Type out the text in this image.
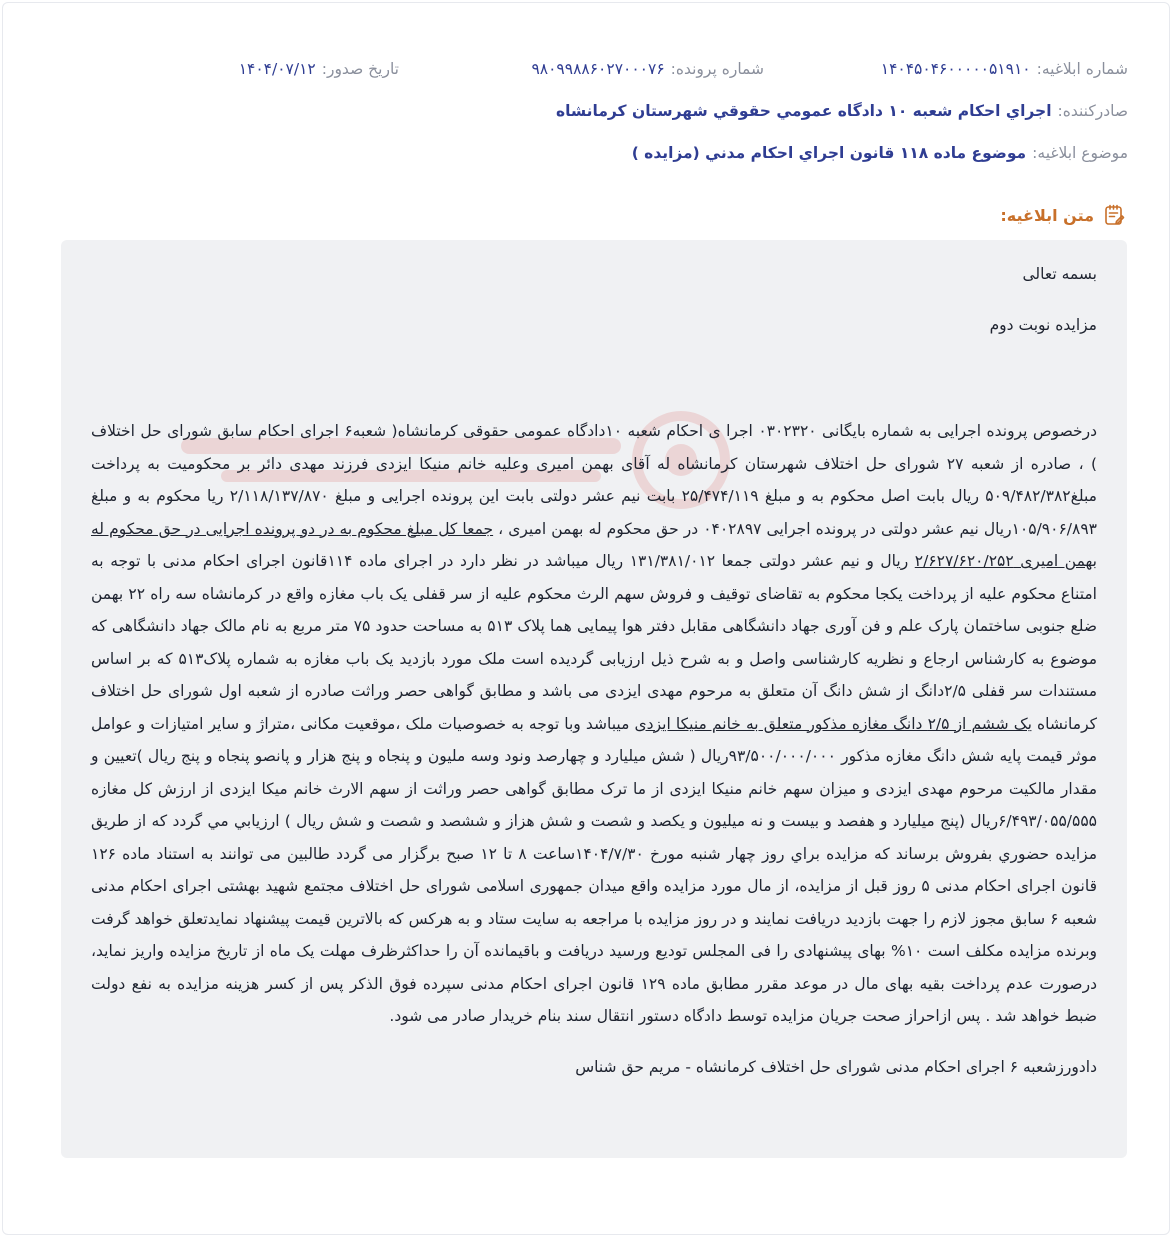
شماره ابلاغیه:
۱۴۰۴۵۰۴۶۰۰۰۰۰۵۱۹۱۰
شماره پرونده:
۹۸۰۹۹۸۸۶۰۲۷۰۰۰۷۶
تاریخ صدور:
۱۴۰۴/۰۷/۱۲
صادرکننده:
اجراي احكام شعبه ۱۰ دادگاه عمومي حقوقي شهرستان كرمانشاه
موضوع ابلاغیه:
موضوع ماده ۱۱۸ قانون اجراي احكام مدني (مزايده )
متن ابلاغیه:

بسمه تعالی

مزایده نوبت دوم

درخصوص پرونده اجرایی به شماره بایگانی ۰۳۰۲۳۲۰ اجرا ی احکام شعبه ۱۰دادگاه عمومی حقوقی کرمانشاه( شعبه۶ اجرای احکام سابق شورای حل اختلاف ) ، صادره از شعبه ۲۷ شورای حل اختلاف شهرستان کرمانشاه له آقای بهمن امیری وعلیه خانم منیکا ایزدی فرزند مهدی دائر بر محکومیت به پرداخت مبلغ۵۰۹/۴۸۲/۳۸۲ ریال بابت اصل محکوم به و مبلغ ۲۵/۴۷۴/۱۱۹ بابت نیم عشر دولتی بابت این پرونده اجرایی و مبلغ ۲/۱۱۸/۱۳۷/۸۷۰ ریا محکوم به و مبلغ ۱۰۵/۹۰۶/۸۹۳ریال نیم عشر دولتی در پرونده اجرایی ۰۴۰۲۸۹۷ در حق محکوم له بهمن امیری ، جمعا کل مبلغ محکوم به در دو پرونده اجرایی در حق محکوم له بهمن امیری ۲/۶۲۷/۶۲۰/۲۵۲ ریال و نیم عشر دولتی جمعا ۱۳۱/۳۸۱/۰۱۲ ریال میباشد در نظر دارد در اجرای ماده ۱۱۴قانون اجرای احکام مدنی با توجه به امتناع محکوم علیه از پرداخت یکجا محکوم به تقاضای توقیف و فروش سهم الرث محکوم علیه از سر قفلی یک باب مغازه واقع در کرمانشاه سه راه ۲۲ بهمن ضلع جنوبی ساختمان پارک علم و فن آوری جهاد دانشگاهی مقابل دفتر هوا پیمایی هما پلاک ۵۱۳ به مساحت حدود ۷۵ متر مربع به نام مالک جهاد دانشگاهی که موضوع به کارشناس ارجاع و نظریه کارشناسی واصل و به شرح ذیل ارزیابی گردیده است ملک مورد بازدید یک باب مغازه به شماره پلاک۵۱۳ که بر اساس مستندات سر قفلی ۲/۵دانگ از شش دانگ آن متعلق به مرحوم مهدی ایزدی می باشد و مطابق گواهی حصر وراثت صادره از شعبه اول شورای حل اختلاف کرمانشاه یک ششم از ۲/۵ دانگ مغازه مذکور متعلق به خانم منیکا ایزدی میباشد وبا توجه به خصوصیات ملک ،موقعیت مکانی ،متراژ و سایر امتیازات و عوامل موثر قیمت پایه شش دانگ مغازه مذکور ۹۳/۵۰۰/۰۰۰/۰۰۰ریال ( شش میلیارد و چهارصد ونود وسه ملیون و پنجاه و پنج هزار و پانصو پنجاه و پنج ریال )تعیین و مقدار مالکیت مرحوم مهدی ایزدی و میزان سهم خانم منیکا ایزدی از ما ترک مطابق گواهی حصر وراثت از سهم الارث خانم میکا ایزدی از ارزش کل مغازه ۶/۴۹۳/۰۵۵/۵۵۵ریال (پنج میلیارد و هفصد و بیست و نه میلیون و یکصد و شصت و شش هزاز و ششصد و شصت و شش ریال ) ارزيابي مي گردد كه از طريق مزايده حضوري بفروش برساند كه مزايده براي روز چهار شنبه مورخ ۱۴۰۴/۷/۳۰ساعت ۸ تا ۱۲ صبح برگزار می گردد طالبین می توانند به استناد ماده ۱۲۶ قانون اجرای احکام مدنی ۵ روز قبل از مزایده، از مال مورد مزایده واقع میدان جمهوری اسلامی شورای حل اختلاف مجتمع شهید بهشتی اجرای احکام مدنی شعبه ۶ سابق مجوز لازم را جهت بازدید دریافت نمایند و در روز مزایده با مراجعه به سایت ستاد و به هرکس که بالاترین قیمت پیشنهاد نمایدتعلق خواهد گرفت وبرنده مزایده مکلف است ۱۰% بهای پیشنهادی را فی المجلس تودیع ورسید دریافت و باقیمانده آن را حداکثرظرف مهلت یک ماه از تاریخ مزایده واریز نماید، درصورت عدم پرداخت بقیه بهای مال در موعد مقرر مطابق ماده ۱۲۹ قانون اجرای احکام مدنی سپرده فوق الذکر پس از کسر هزینه مزایده به نفع دولت ضبط خواهد شد . پس ازاحراز صحت جریان مزایده توسط دادگاه دستور انتقال سند بنام خریدار صادر می شود.

دادورزشعبه ۶ اجرای احکام مدنی شورای حل اختلاف کرمانشاه - مریم حق شناس
